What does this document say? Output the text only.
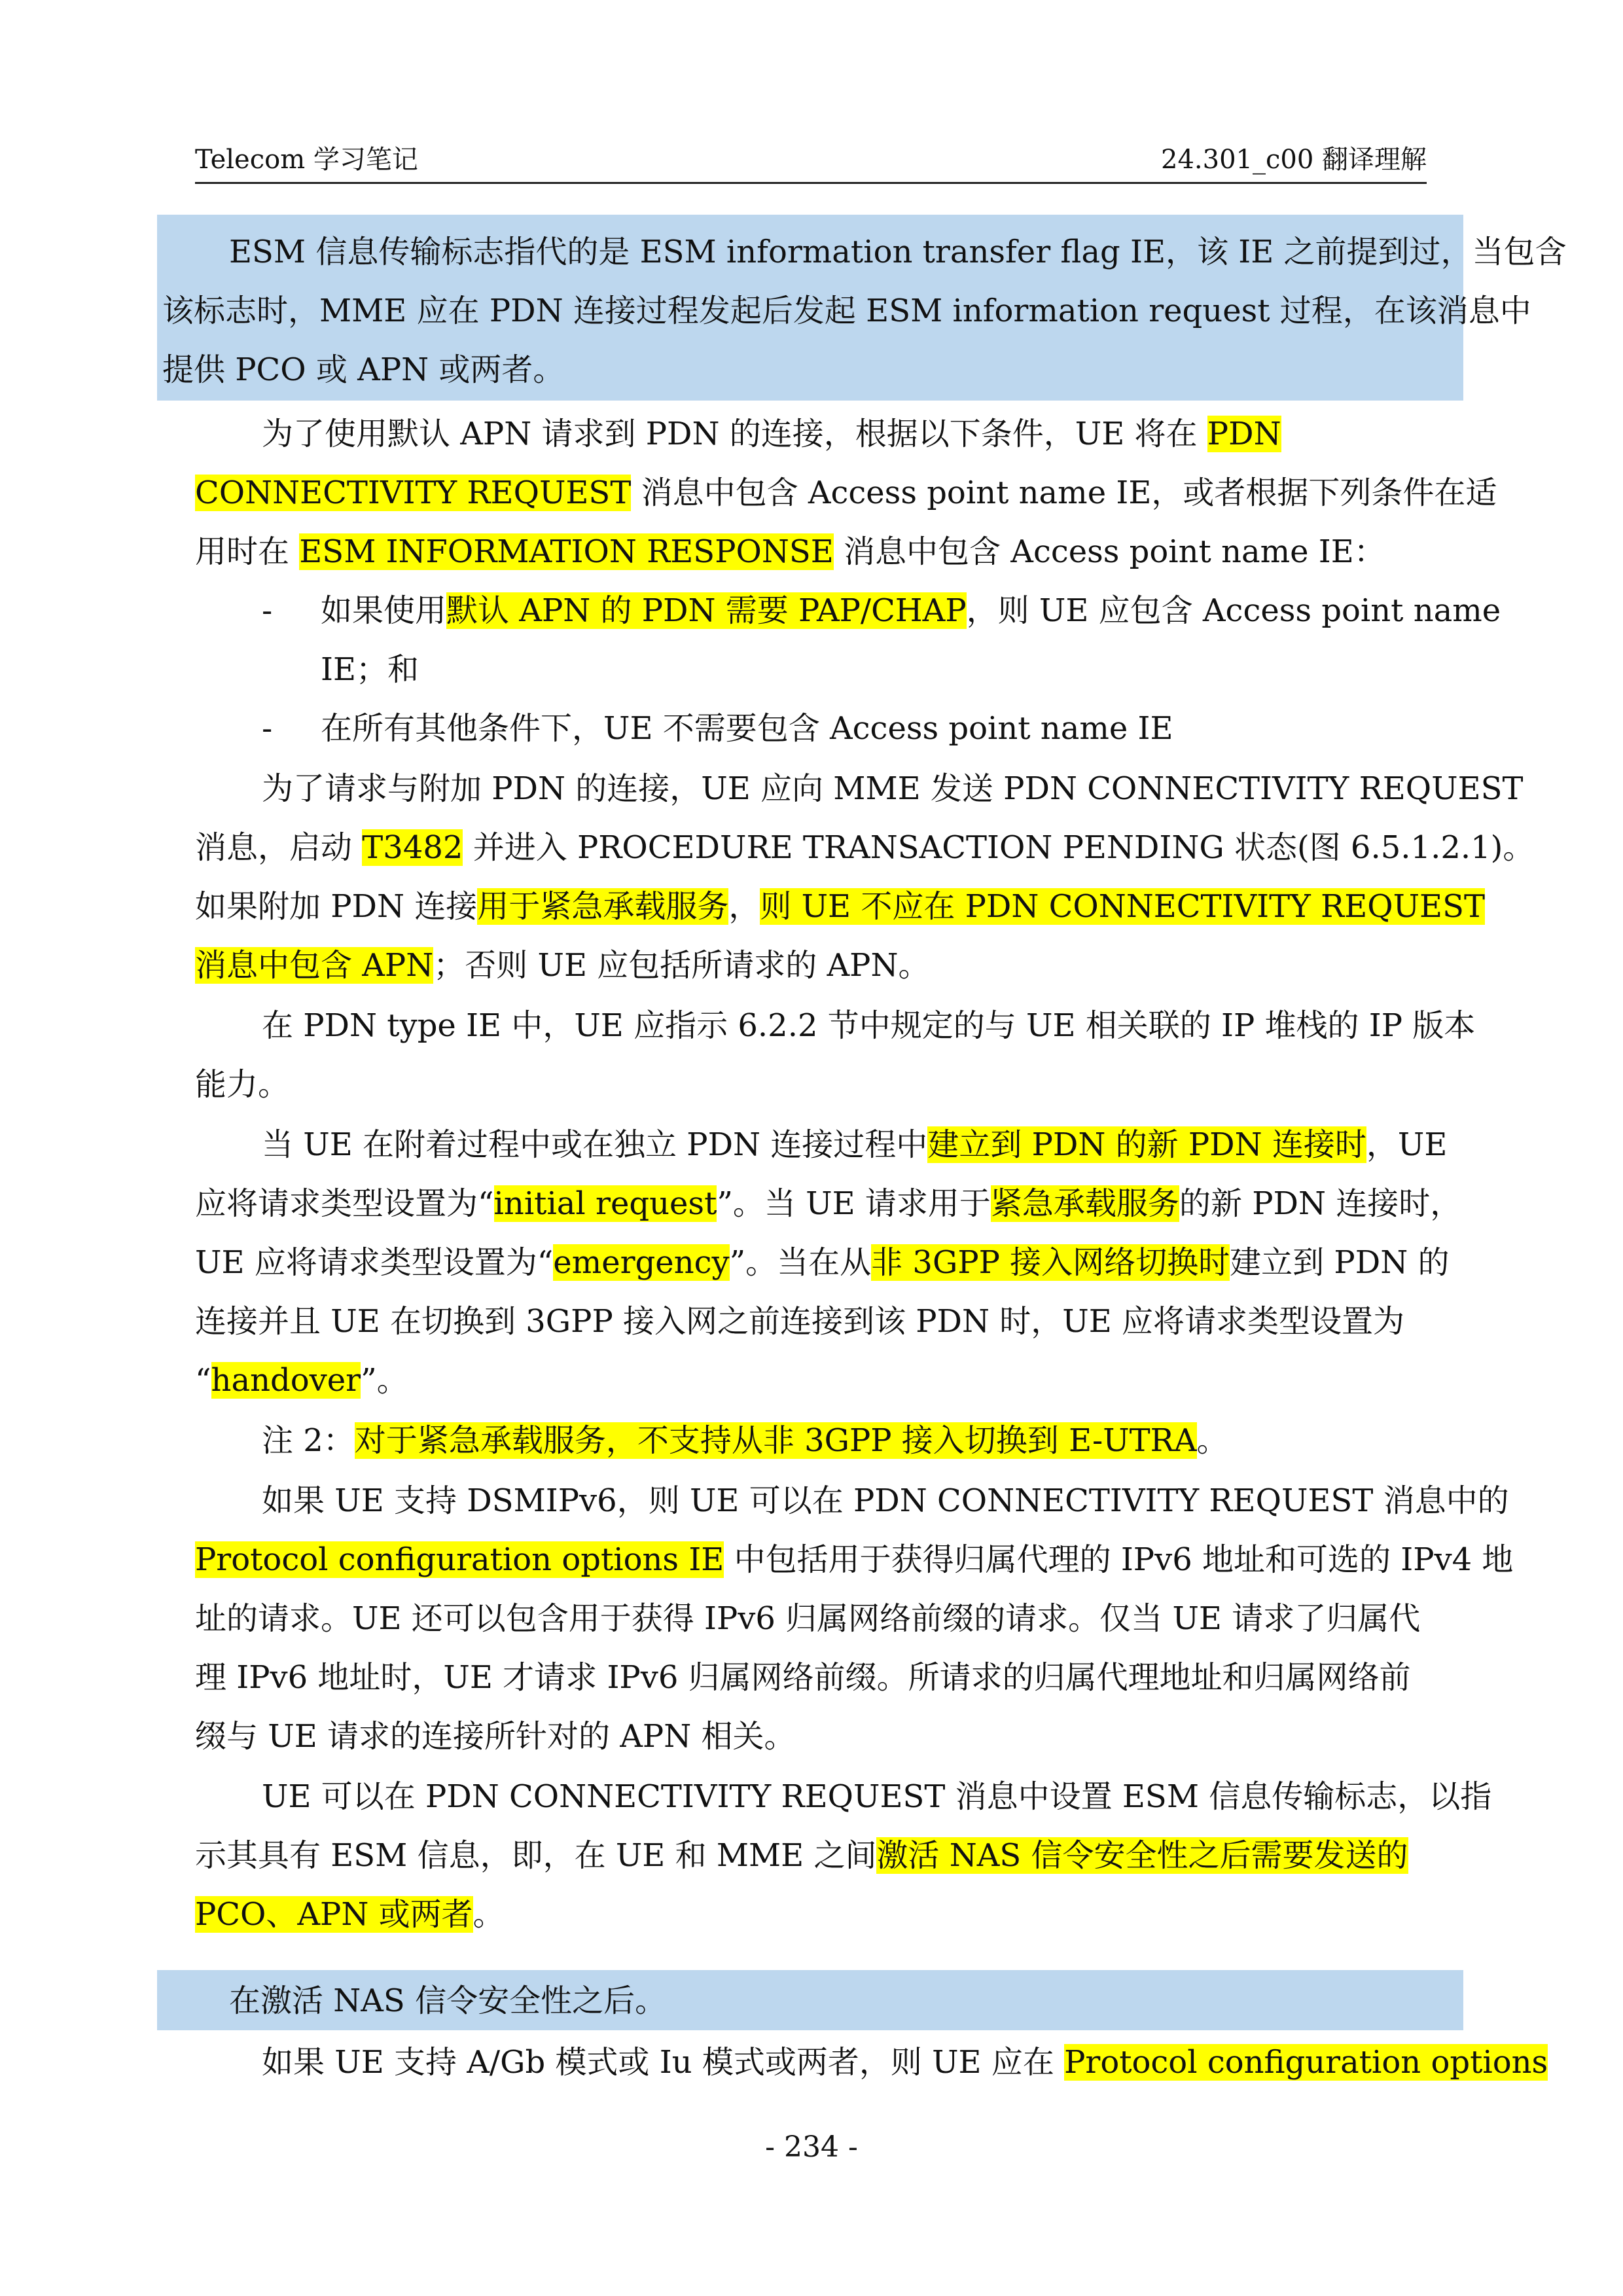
Telecom 学习笔记	24.301_c00 翻译理解
ESM 信息传输标志指代的是 ESM information transfer flag IE，该 IE 之前提到过，当包含
该标志时，MME 应在 PDN 连接过程发起后发起 ESM information request 过程，在该消息中
提供 PCO 或 APN 或两者。
为了使用默认 APN 请求到 PDN 的连接，根据以下条件，UE 将在 PDN
CONNECTIVITY REQUEST 消息中包含 Access point name IE，或者根据下列条件在适
用时在 ESM INFORMATION RESPONSE 消息中包含 Access point name IE：
- 如果使用默认 APN 的 PDN 需要 PAP/CHAP，则 UE 应包含 Access point name
IE；和
- 在所有其他条件下，UE 不需要包含 Access point name IE
为了请求与附加 PDN 的连接，UE 应向 MME 发送 PDN CONNECTIVITY REQUEST
消息，启动 T3482 并进入 PROCEDURE TRANSACTION PENDING 状态(图 6.5.1.2.1)。
如果附加 PDN 连接用于紧急承载服务，则 UE 不应在 PDN CONNECTIVITY REQUEST
消息中包含 APN；否则 UE 应包括所请求的 APN。
在 PDN type IE 中，UE 应指示 6.2.2 节中规定的与 UE 相关联的 IP 堆栈的 IP 版本
能力。
当 UE 在附着过程中或在独立 PDN 连接过程中建立到 PDN 的新 PDN 连接时，UE
应将请求类型设置为“initial request”。当 UE 请求用于紧急承载服务的新 PDN 连接时，
UE 应将请求类型设置为“emergency”。当在从非 3GPP 接入网络切换时建立到 PDN 的
连接并且 UE 在切换到 3GPP 接入网之前连接到该 PDN 时，UE 应将请求类型设置为
“handover”。
注 2：对于紧急承载服务，不支持从非 3GPP 接入切换到 E-UTRA。
如果 UE 支持 DSMIPv6，则 UE 可以在 PDN CONNECTIVITY REQUEST 消息中的
Protocol configuration options IE 中包括用于获得归属代理的 IPv6 地址和可选的 IPv4 地
址的请求。UE 还可以包含用于获得 IPv6 归属网络前缀的请求。仅当 UE 请求了归属代
理 IPv6 地址时，UE 才请求 IPv6 归属网络前缀。所请求的归属代理地址和归属网络前
缀与 UE 请求的连接所针对的 APN 相关。
UE 可以在 PDN CONNECTIVITY REQUEST 消息中设置 ESM 信息传输标志，以指
示其具有 ESM 信息，即，在 UE 和 MME 之间激活 NAS 信令安全性之后需要发送的
PCO、APN 或两者。
在激活 NAS 信令安全性之后。
如果 UE 支持 A/Gb 模式或 Iu 模式或两者，则 UE 应在 Protocol configuration options
- 234 -
